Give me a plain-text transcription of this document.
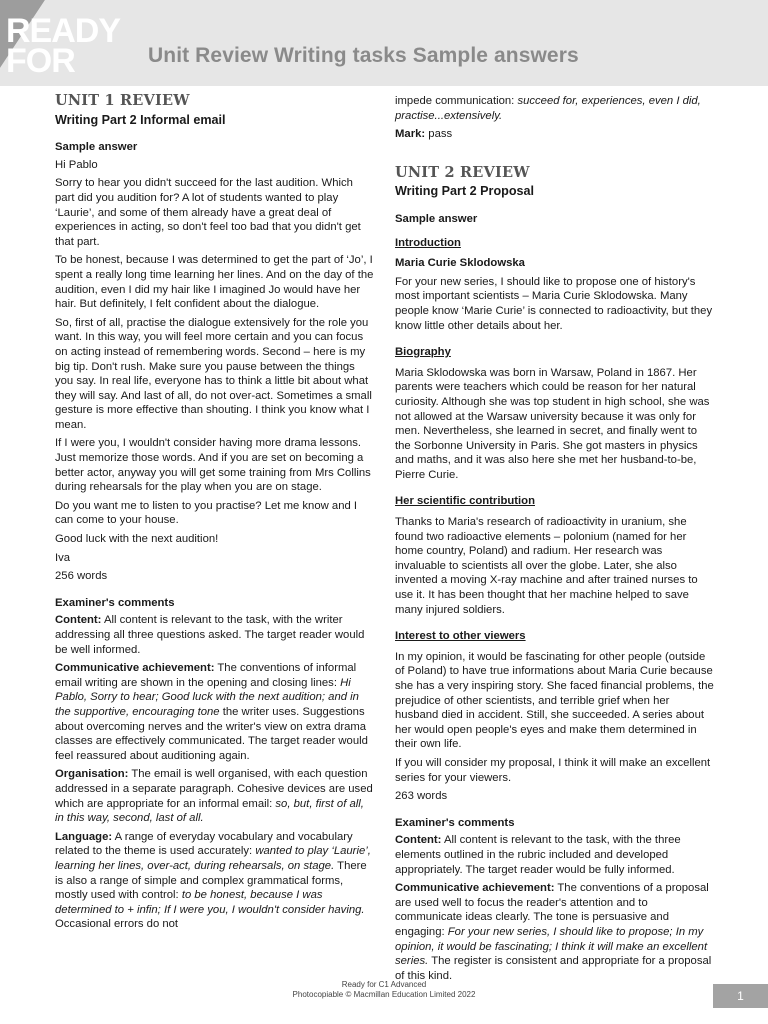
READY
FOR	Unit Review Writing tasks Sample answers
UNIT 1 REVIEW
Writing Part 2 Informal email
Sample answer

Hi Pablo

Sorry to hear you didn't succeed for the last audition. Which part did you audition for? A lot of students wanted to play ‘Laurie’, and some of them already have a great deal of experiences in acting, so don't feel too bad that you didn't get that part.

To be honest, because I was determined to get the part of ‘Jo’, I spent a really long time learning her lines. And on the day of the audition, even I did my hair like I imagined Jo would have her hair. But definitely, I felt confident about the dialogue.

So, first of all, practise the dialogue extensively for the role you want. In this way, you will feel more certain and you can focus on acting instead of remembering words. Second – here is my big tip. Don't rush. Make sure you pause between the things you say. In real life, everyone has to think a little bit about what they will say. And last of all, do not over-act. Sometimes a small gesture is more effective than shouting. I think you know what I mean.

If I were you, I wouldn't consider having more drama lessons. Just memorize those words. And if you are set on becoming a better actor, anyway you will get some training from Mrs Collins during rehearsals for the play when you are on stage.

Do you want me to listen to you practise? Let me know and I can come to your house.

Good luck with the next audition!

Iva

256 words

Examiner's comments

Content: All content is relevant to the task, with the writer addressing all three questions asked. The target reader would be well informed.

Communicative achievement: The conventions of informal email writing are shown in the opening and closing lines: Hi Pablo, Sorry to hear; Good luck with the next audition; and in the supportive, encouraging tone the writer uses. Suggestions about overcoming nerves and the writer's view on extra drama classes are effectively communicated. The target reader would feel reassured about auditioning again.

Organisation: The email is well organised, with each question addressed in a separate paragraph. Cohesive devices are used which are appropriate for an informal email: so, but, first of all, in this way, second, last of all.

Language: A range of everyday vocabulary and vocabulary related to the theme is used accurately: wanted to play ‘Laurie’, learning her lines, over-act, during rehearsals, on stage. There is also a range of simple and complex grammatical forms, mostly used with control: to be honest, because I was determined to + infin; If I were you, I wouldn't consider having. Occasional errors do not

impede communication: succeed for, experiences, even I did, practise...extensively.

Mark: pass

UNIT 2 REVIEW
Writing Part 2 Proposal
Sample answer
Introduction
Maria Curie Sklodowska

For your new series, I should like to propose one of history's most important scientists – Maria Curie Sklodowska. Many people know ‘Marie Curie’ is connected to radioactivity, but they know little other details about her.

Biography

Maria Sklodowska was born in Warsaw, Poland in 1867. Her parents were teachers which could be reason for her natural curiosity. Although she was top student in high school, she was not allowed at the Warsaw university because it was only for men. Nevertheless, she learned in secret, and finally went to the Sorbonne University in Paris. She got masters in physics and maths, and it was also here she met her husband-to-be, Pierre Curie.

Her scientific contribution

Thanks to Maria's research of radioactivity in uranium, she found two radioactive elements – polonium (named for her home country, Poland) and radium. Her research was invaluable to scientists all over the globe. Later, she also invented a moving X-ray machine and after trained nurses to use it. It has been thought that her machine helped to save many injured soldiers.

Interest to other viewers

In my opinion, it would be fascinating for other people (outside of Poland) to have true informations about Maria Curie because she has a very inspiring story. She faced financial problems, the prejudice of other scientists, and terrible grief when her husband died in accident. Still, she succeeded. A series about her would open people's eyes and make them determined in their own life.

If you will consider my proposal, I think it will make an excellent series for your viewers.

263 words

Examiner's comments

Content: All content is relevant to the task, with the three elements outlined in the rubric included and developed appropriately. The target reader would be fully informed.

Communicative achievement: The conventions of a proposal are used well to focus the reader's attention and to communicate ideas clearly. The tone is persuasive and engaging: For your new series, I should like to propose; In my opinion, it would be fascinating; I think it will make an excellent series. The register is consistent and appropriate for a proposal of this kind.

Ready for C1 Advanced
Photocopiable © Macmillan Education Limited 2022	1
